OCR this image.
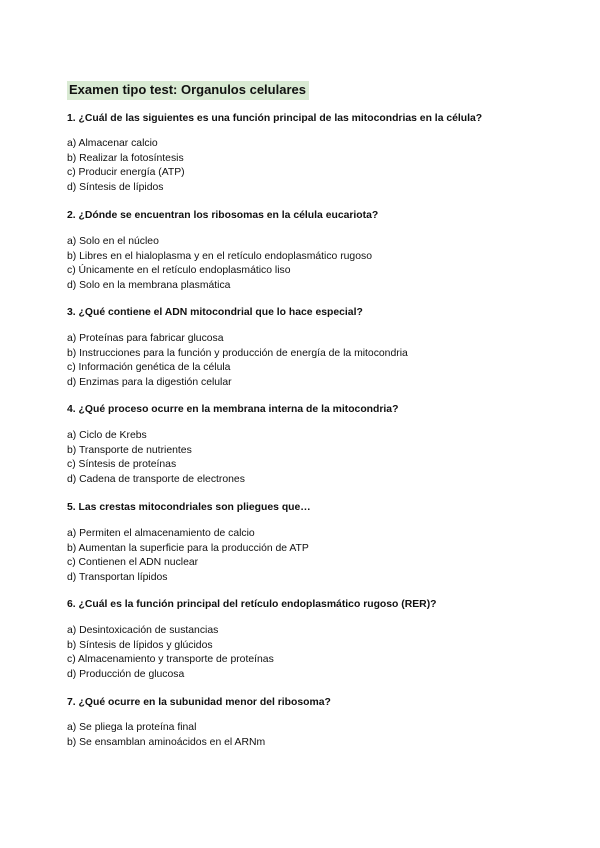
Examen tipo test: Organulos celulares
1. ¿Cuál de las siguientes es una función principal de las mitocondrias en la célula?
a) Almacenar calcio
b) Realizar la fotosíntesis
c) Producir energía (ATP)
d) Síntesis de lípidos
2. ¿Dónde se encuentran los ribosomas en la célula eucariota?
a) Solo en el núcleo
b) Libres en el hialoplasma y en el retículo endoplasmático rugoso
c) Únicamente en el retículo endoplasmático liso
d) Solo en la membrana plasmática
3. ¿Qué contiene el ADN mitocondrial que lo hace especial?
a) Proteínas para fabricar glucosa
b) Instrucciones para la función y producción de energía de la mitocondria
c) Información genética de la célula
d) Enzimas para la digestión celular
4. ¿Qué proceso ocurre en la membrana interna de la mitocondria?
a) Ciclo de Krebs
b) Transporte de nutrientes
c) Síntesis de proteínas
d) Cadena de transporte de electrones
5. Las crestas mitocondriales son pliegues que…
a) Permiten el almacenamiento de calcio
b) Aumentan la superficie para la producción de ATP
c) Contienen el ADN nuclear
d) Transportan lípidos
6. ¿Cuál es la función principal del retículo endoplasmático rugoso (RER)?
a) Desintoxicación de sustancias
b) Síntesis de lípidos y glúcidos
c) Almacenamiento y transporte de proteínas
d) Producción de glucosa
7. ¿Qué ocurre en la subunidad menor del ribosoma?
a) Se pliega la proteína final
b) Se ensamblan aminoácidos en el ARNm
